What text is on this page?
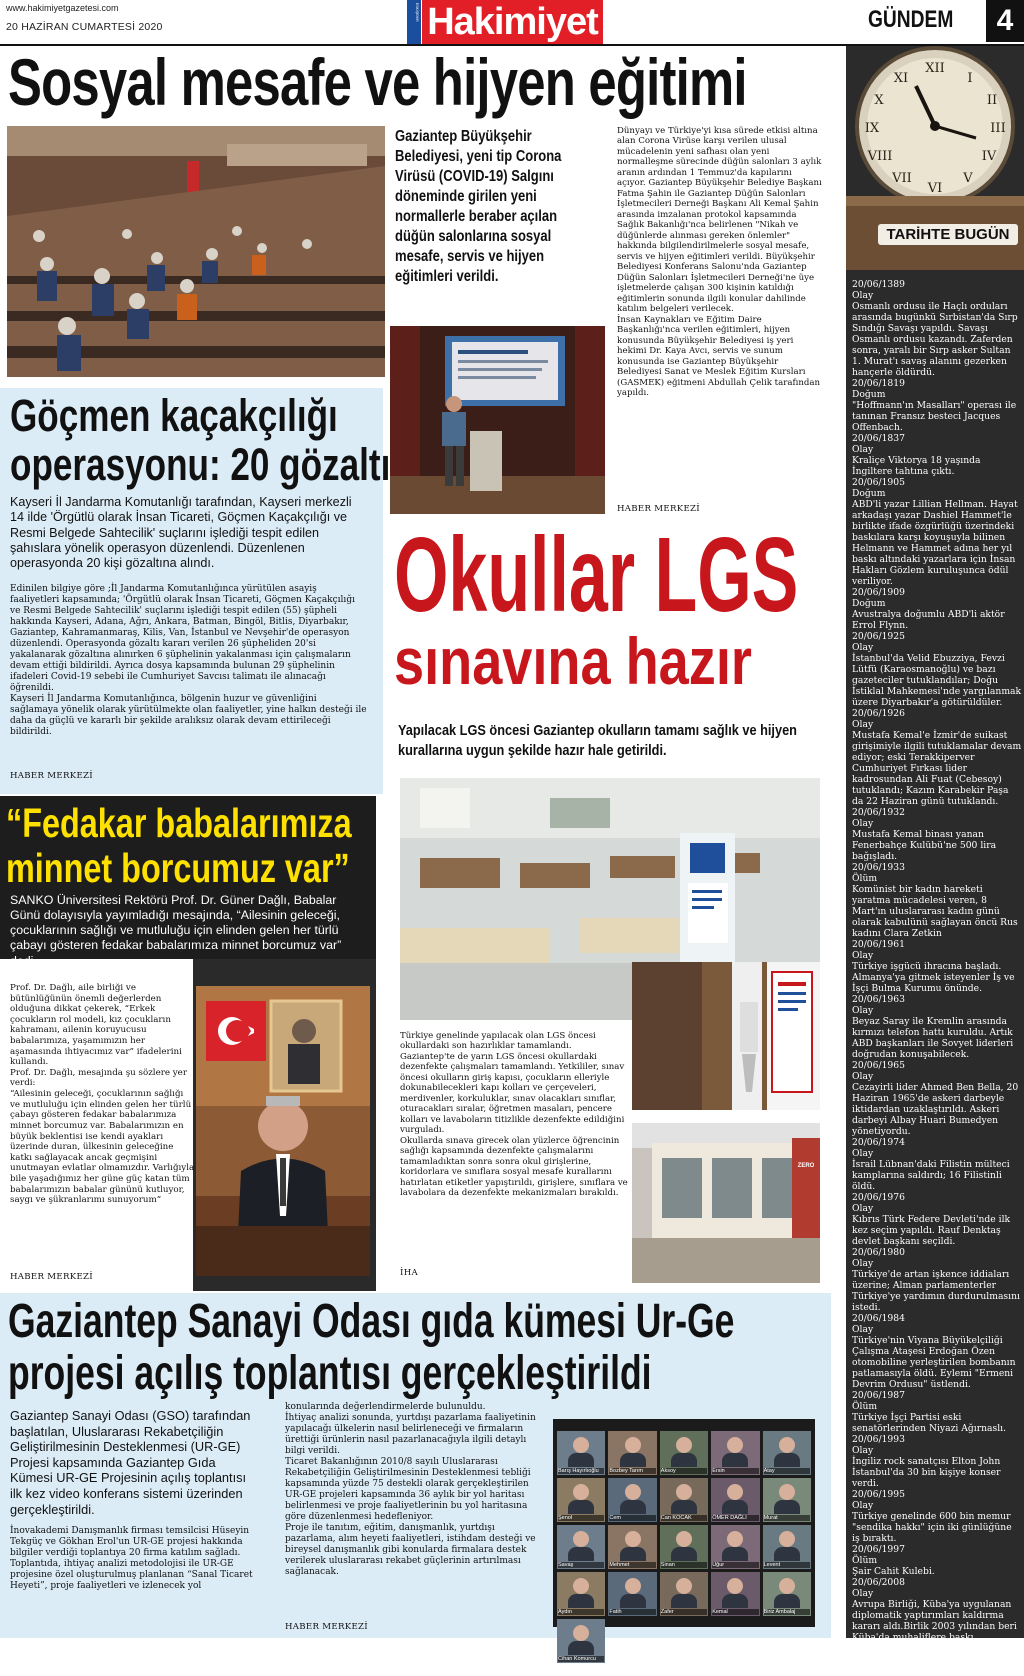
www.hakimiyetgazetesi.com
20 HAZİRAN CUMARTESİ 2020
ESKİŞEHİR Hakimiyet	GÜNDEM	4
Sosyal mesafe ve hijyen eğitimi
Gaziantep Büyükşehir Belediyesi, yeni tip Corona Virüsü (COVID-19) Salgını döneminde girilen yeni normallerle beraber açılan düğün salonlarına sosyal mesafe, servis ve hijyen eğitimleri verildi.
Dünyayı ve Türkiye'yi kısa sürede etkisi altına alan Corona Virüse karşı verilen ulusal mücadelenin yeni safhası olan yeni normalleşme sürecinde düğün salonları 3 aylık aranın ardından 1 Temmuz'da kapılarını açıyor. Gaziantep Büyükşehir Belediye Başkanı Fatma Şahin ile Gaziantep Düğün Salonları İşletmecileri Derneği Başkanı Ali Kemal Şahin arasında imzalanan protokol kapsamında Sağlık Bakanlığı'nca belirlenen "Nikah ve düğünlerde alınması gereken önlemler" hakkında bilgilendirilmelerle sosyal mesafe, servis ve hijyen eğitimleri verildi. Büyükşehir Belediyesi Konferans Salonu'nda Gaziantep Düğün Salonları İşletmecileri Derneği'ne üye işletmelerde çalışan 300 kişinin katıldığı eğitimlerin sonunda ilgili konular dahilinde katılım belgeleri verilecek.
İnsan Kaynakları ve Eğitim Daire Başkanlığı'nca verilen eğitimleri, hijyen konusunda Büyükşehir Belediyesi iş yeri hekimi Dr. Kaya Avcı, servis ve sunum konusunda ise Gaziantep Büyükşehir Belediyesi Sanat ve Meslek Eğitim Kursları (GASMEK) eğitmeni Abdullah Çelik tarafından yapıldı.
HABER MERKEZİ
Göçmen kaçakçılığı
operasyonu: 20 gözaltı
Kayseri İl Jandarma Komutanlığı tarafından, Kayseri merkezli 14 ilde 'Örgütlü olarak İnsan Ticareti, Göçmen Kaçakçılığı ve Resmi Belgede Sahtecilik' suçlarını işlediği tespit edilen şahıslara yönelik operasyon düzenlendi. Düzenlenen operasyonda 20 kişi gözaltına alındı.
Edinilen bilgiye göre ;İl Jandarma Komutanlığınca yürütülen asayiş faaliyetleri kapsamında; 'Örgütlü olarak İnsan Ticareti, Göçmen Kaçakçılığı ve Resmi Belgede Sahtecilik' suçlarını işlediği tespit edilen (55) şüpheli hakkında Kayseri, Adana, Ağrı, Ankara, Batman, Bingöl, Bitlis, Diyarbakır, Gaziantep, Kahramanmaraş, Kilis, Van, İstanbul ve Nevşehir'de operasyon düzenlendi. Operasyonda gözaltı kararı verilen 26 şüpheliden 20'si yakalanarak gözaltına alınırken 6 şüphelinin yakalanması için çalışmaların devam ettiği bildirildi. Ayrıca dosya kapsamında bulunan 29 şüphelinin ifadeleri Covid-19 sebebi ile Cumhuriyet Savcısı talimatı ile alınacağı öğrenildi.
Kayseri İl Jandarma Komutanlığınca, bölgenin huzur ve güvenliğini sağlamaya yönelik olarak yürütülmekte olan faaliyetler, yine halkın desteği ile daha da güçlü ve kararlı bir şekilde aralıksız olarak devam ettirileceği bildirildi.
HABER MERKEZİ
“Fedakar babalarımıza
minnet borcumuz var”
SANKO Üniversitesi Rektörü Prof. Dr. Güner Dağlı, Babalar Günü dolayısıyla yayımladığı mesajında, “Ailesinin geleceği, çocuklarının sağlığı ve mutluluğu için elinden gelen her türlü çabayı gösteren fedakar babalarımıza minnet borcumuz var”
Prof. Dr. Dağlı, aile birliği ve bütünlüğünün önemli değerlerden olduğuna dikkat çekerek, “Erkek çocukların rol modeli, kız çocukların kahramanı, ailenin koruyucusu babalarımıza, yaşamımızın her aşamasında ihtiyacımız var” ifadelerini kullandı.
Prof. Dr. Dağlı, mesajında şu sözlere yer verdi:
“Ailesinin geleceği, çocuklarının sağlığı ve mutluluğu için elinden gelen her türlü çabayı gösteren fedakar babalarımıza minnet borcumuz var. Babalarımızın en büyük beklentisi ise kendi ayakları üzerinde duran, ülkesinin geleceğine katkı sağlayacak ancak geçmişini unutmayan evlatlar olmamızdır. Varlığıyla bile yaşadığımız her güne güç katan tüm babalarımızın babalar gününü kutluyor, saygı ve şükranlarımı sunuyorum”
HABER MERKEZİ
Okullar LGS
sınavına hazır
Yapılacak LGS öncesi Gaziantep okulların tamamı sağlık ve hijyen kurallarına uygun şekilde hazır hale getirildi.
ZERO
Türkiye genelinde yapılacak olan LGS öncesi okullardaki son hazırlıklar tamamlandı. Gaziantep'te de yarın LGS öncesi okullardaki dezenfekte çalışmaları tamamlandı. Yetkililer, sınav öncesi okulların giriş kapısı, çocukların elleriyle dokunabilecekleri kapı kolları ve çerçeveleri, merdivenler, korkuluklar, sınav olacakları sınıflar, oturacakları sıralar, öğretmen masaları, pencere kolları ve lavaboların titizlikle dezenfekte edildiğini vurguladı.
Okullarda sınava girecek olan yüzlerce öğrencinin sağlığı kapsamında dezenfekte çalışmalarını tamamladıktan sonra sonra okul girişlerine, koridorlara ve sınıflara sosyal mesafe kurallarını hatırlatan etiketler yapıştırıldı, girişlere, sınıflara ve lavabolara da dezenfekte mekanizmaları bırakıldı.
İHA
Gaziantep Sanayi Odası gıda kümesi Ur-Ge
projesi açılış toplantısı gerçekleştirildi
Gaziantep Sanayi Odası (GSO) tarafından başlatılan, Uluslararası Rekabetçiliğin Geliştirilmesinin Desteklenmesi (UR-GE) Projesi kapsamında Gaziantep Gıda Kümesi UR-GE Projesinin açılış toplantısı ilk kez video konferans sistemi üzerinden gerçekleştirildi.
İnovakademi Danışmanlık firması temsilcisi Hüseyin Tekgüç ve Gökhan Erol'un UR-GE projesi hakkında bilgiler verdiği toplantıya 20 firma katılım sağladı. Toplantıda, ihtiyaç analizi metodolojisi ile UR-GE projesine özel oluşturulmuş planlanan “Sanal Ticaret Heyeti”, proje faaliyetleri ve izlenecek yol
konularında değerlendirmelerde bulunuldu.
İhtiyaç analizi sonunda, yurtdışı pazarlama faaliyetinin yapılacağı ülkelerin nasıl belirleneceği ve firmaların ürettiği ürünlerin nasıl pazarlanacağıyla ilgili detaylı bilgi verildi.
Ticaret Bakanlığının 2010/8 sayılı Uluslararası Rekabetçiliğin Geliştirilmesinin Desteklenmesi tebliği kapsamında yüzde 75 destekli olarak gerçekleştirilen UR-GE projeleri kapsamında 36 aylık bir yol haritası belirlenmesi ve proje faaliyetlerinin bu yol haritasına göre düzenlenmesi hedefleniyor.
Proje ile tanıtım, eğitim, danışmanlık, yurtdışı pazarlama, alım heyeti faaliyetleri, istihdam desteği ve bireysel danışmanlık gibi konularda firmalara destek verilerek uluslararası rekabet güçlerinin artırılması sağlanacak.
HABER MERKEZİ
Barış Hayırlıoğlu	Bozbey Tarım	Aksoy	Ersin	Atay
Şenol	Cem	Can KOCAK	ÖMER DAĞLI	Murat
Savaş	Mehmet	Sinan	Uğur	Levent
Aydın	Fatih	Zafer	Kemal	Biriz Ambalaj
Cihan Komurcu
XII
I
II
III
IV
V
VI
VII
VIII
IX
X
XI
TARİHTE BUGÜN
20/06/1389
Olay
Osmanlı ordusu ile Haçlı orduları arasında bugünkü Sırbistan'da Sırp Sındığı Savaşı yapıldı. Savaşı Osmanlı ordusu kazandı. Zaferden sonra, yaralı bir Sırp asker Sultan 1. Murat'ı savaş alanını gezerken hançerle öldürdü.
20/06/1819
Doğum
"Hoffmann'ın Masalları" operası ile tanınan Fransız besteci Jacques Offenbach.
20/06/1837
Olay
Kraliçe Viktorya 18 yaşında İngiltere tahtına çıktı.
20/06/1905
Doğum
ABD'li yazar Lillian Hellman. Hayat arkadaşı yazar Dashiel Hammet'le birlikte ifade özgürlüğü üzerindeki baskılara karşı koyuşuyla bilinen Helmann ve Hammet adına her yıl baskı altındaki yazarlara için İnsan Hakları Gözlem kuruluşunca ödül veriliyor.
20/06/1909
Doğum
Avustralya doğumlu ABD'li aktör Errol Flynn.
20/06/1925
Olay
İstanbul'da Velid Ebuzziya, Fevzi Lütfü (Karaosmanoğlu) ve bazı gazeteciler tutuklandılar; Doğu İstiklal Mahkemesi'nde yargılanmak üzere Diyarbakır'a götürüldüler.
20/06/1926
Olay
Mustafa Kemal'e İzmir'de suikast girişimiyle ilgili tutuklamalar devam ediyor; eski Terakkiperver Cumhuriyet Fırkası lider kadrosundan Ali Fuat (Cebesoy) tutuklandı; Kazım Karabekir Paşa da 22 Haziran günü tutuklandı.
20/06/1932
Olay
Mustafa Kemal binası yanan Fenerbahçe Kulübü'ne 500 lira bağışladı.
20/06/1933
Ölüm
Komünist bir kadın hareketi yaratma mücadelesi veren, 8 Mart'ın uluslararası kadın günü olarak kabulünü sağlayan öncü Rus kadını Clara Zetkin
20/06/1961
Olay
Türkiye işgücü ihracına başladı. Almanya'ya gitmek isteyenler İş ve İşçi Bulma Kurumu önünde.
20/06/1963
Olay
Beyaz Saray ile Kremlin arasında kırmızı telefon hattı kuruldu. Artık ABD başkanları ile Sovyet liderleri doğrudan konuşabilecek.
20/06/1965
Olay
Cezayirli lider Ahmed Ben Bella, 20 Haziran 1965'de askeri darbeyle iktidardan uzaklaştırıldı. Askeri darbeyi Albay Huari Bumedyen yönetiyordu.
20/06/1974
Olay
İsrail Lübnan'daki Filistin mülteci kamplarına saldırdı; 16 Filistinli öldü.
20/06/1976
Olay
Kıbrıs Türk Federe Devleti'nde ilk kez seçim yapıldı. Rauf Denktaş devlet başkanı seçildi.
20/06/1980
Olay
Türkiye'de artan işkence iddiaları üzerine; Alman parlamenterler Türkiye'ye yardımın durdurulmasını istedi.
20/06/1984
Olay
Türkiye'nin Viyana Büyükelçiliği Çalışma Ataşesi Erdoğan Özen otomobiline yerleştirilen bombanın patlamasıyla öldü. Eylemi "Ermeni Devrim Ordusu" üstlendi.
20/06/1987
Ölüm
Türkiye İşçi Partisi eski senatörlerinden Niyazi Ağırnaslı.
20/06/1993
Olay
İngiliz rock sanatçısı Elton John İstanbul'da 30 bin kişiye konser verdi.
20/06/1995
Olay
Türkiye genelinde 600 bin memur "sendika hakkı" için iki günlüğüne iş bıraktı.
20/06/1997
Ölüm
Şair Cahit Kulebi.
20/06/2008
Olay
Avrupa Birliği, Küba'ya uygulanan diplomatik yaptırımları kaldırma kararı aldı.Birlik 2003 yılından beri Küba'da muhaliflere baskı uygulandığı gerekçesiyle Küba'ya ekonomik ve siyasi yaptırım uyguluyordu.
